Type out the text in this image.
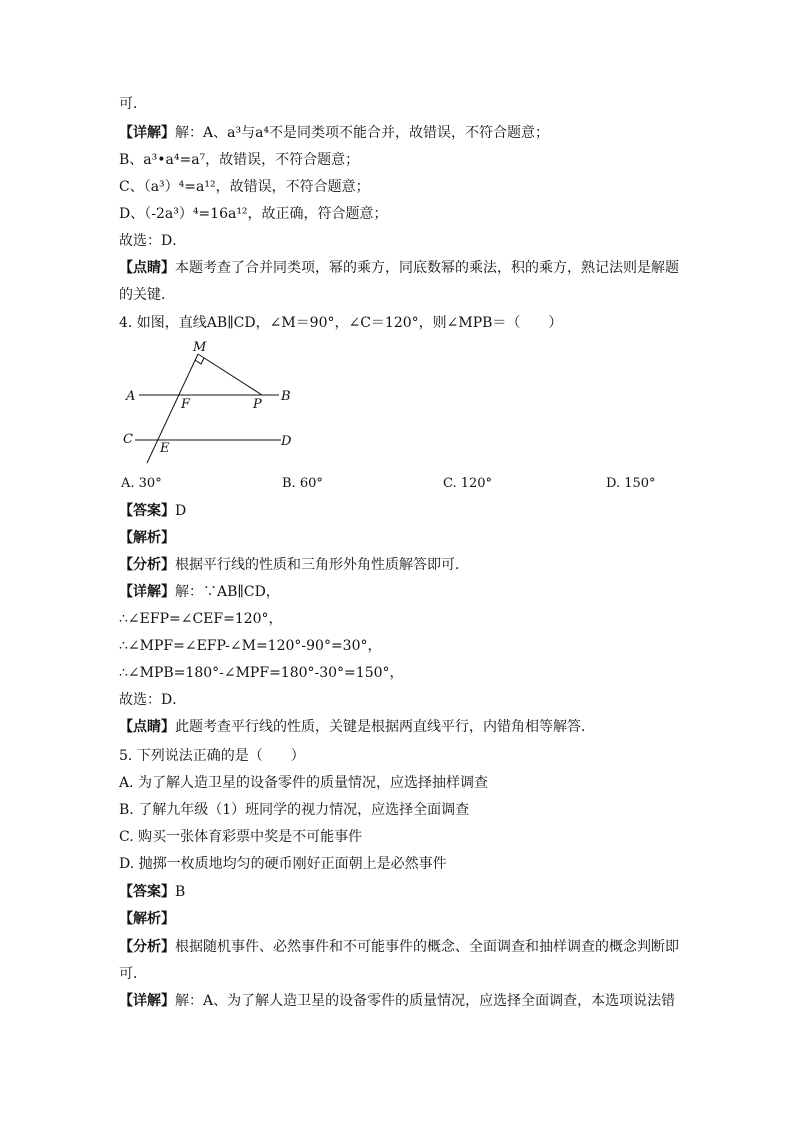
可．
【详解】解：A、a³与a⁴不是同类项不能合并，故错误，不符合题意；
B、a³•a⁴=a⁷，故错误，不符合题意；
C、（a³）⁴=a¹²，故错误，不符合题意；
D、（-2a³）⁴=16a¹²，故正确，符合题意；
故选：D．
【点睛】本题考查了合并同类项，幂的乘方，同底数幂的乘法，积的乘方，熟记法则是解题
的关键．
4. 如图，直线AB∥CD，∠M＝90°，∠C＝120°，则∠MPB＝（　　）
M
A
F	P
B
C
E	D
A. 30°	B. 60°	C. 120°	D. 150°
【答案】D
【解析】
【分析】根据平行线的性质和三角形外角性质解答即可．
【详解】解：∵AB∥CD，
∴∠EFP=∠CEF=120°，
∴∠MPF=∠EFP-∠M=120°-90°=30°，
∴∠MPB=180°-∠MPF=180°-30°=150°，
故选：D．
【点睛】此题考查平行线的性质，关键是根据两直线平行，内错角相等解答．
5. 下列说法正确的是（　　）
A. 为了解人造卫星的设备零件的质量情况，应选择抽样调查
B. 了解九年级（1）班同学的视力情况，应选择全面调查
C. 购买一张体育彩票中奖是不可能事件
D. 抛掷一枚质地均匀的硬币刚好正面朝上是必然事件
【答案】B
【解析】
【分析】根据随机事件、必然事件和不可能事件的概念、全面调查和抽样调查的概念判断即
可．
【详解】解：A、为了解人造卫星的设备零件的质量情况，应选择全面调查，本选项说法错
